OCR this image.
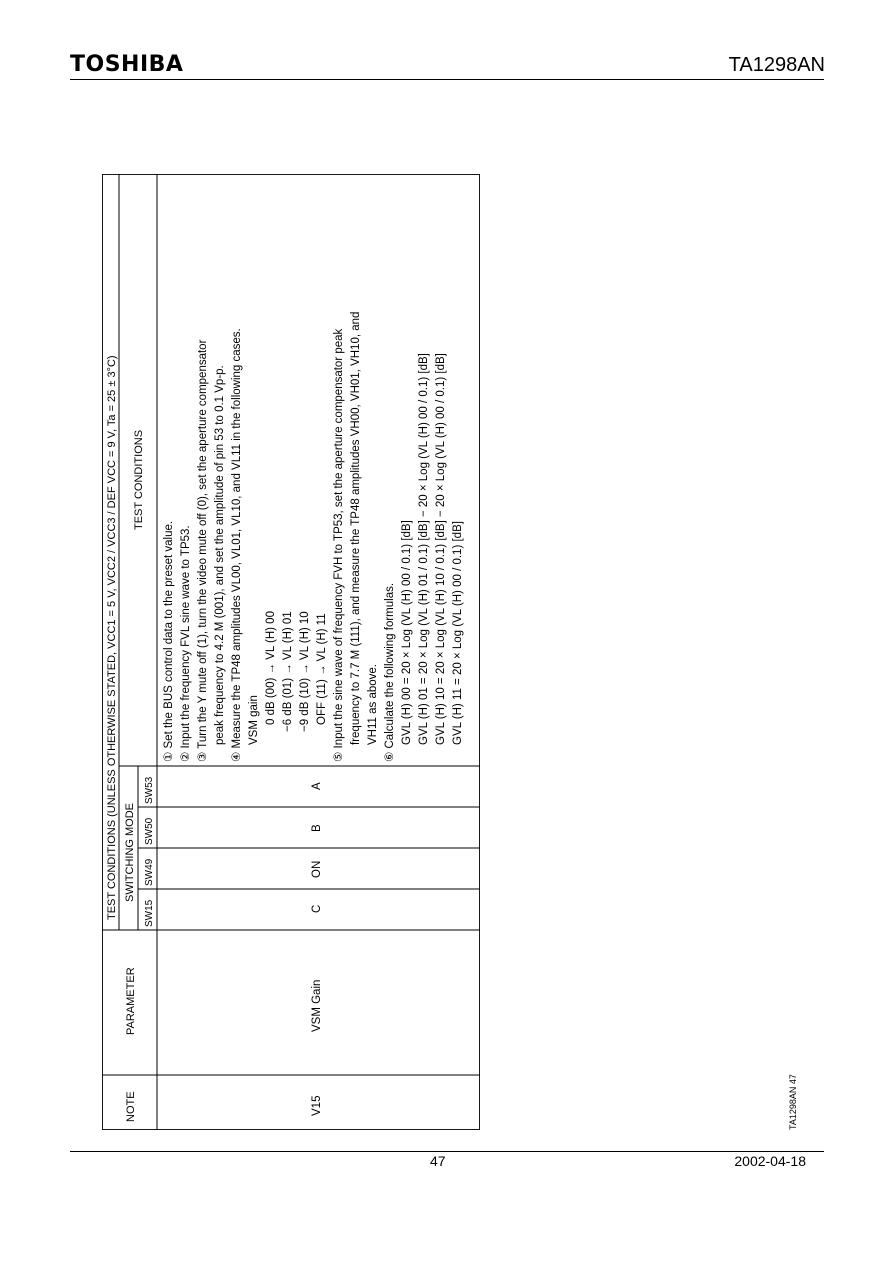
TOSHIBA	TA1298AN
TEST CONDITIONS (UNLESS OTHERWISE STATED, VCC1 = 5 V, VCC2 / VCC3 / DEF VCC = 9 V, Ta = 25 ± 3°C) SWITCHING MODE
TEST CONDITIONS
NOTE
PARAMETER
SW15
SW49
SW50
SW53
V15
VSM Gain
C
ON
B
A
① Set the BUS control data to the preset value. ② Input the frequency FVL sine wave to TP53. ③ Turn the Y mute off (1), turn the video mute off (0), set the aperture compensator peak frequency to 4.2 M (001), and set the amplitude of pin 53 to 0.1 Vp-p. ④ Measure the TP48 amplitudes VL00, VL01, VL10, and VL11 in the following cases. VSM gain 0 dB (00) → VL (H) 00 −6 dB (01) → VL (H) 01 −9 dB (10) → VL (H) 10 OFF (11) → VL (H) 11 ⑤ Input the sine wave of frequency FVH to TP53, set the aperture compensator peak frequency to 7.7 M (111), and measure the TP48 amplitudes VH00, VH01, VH10, and VH11 as above. ⑥ Calculate the following formulas. GVL (H) 00 = 20 × Log (VL (H) 00 / 0.1) [dB] GVL (H) 01 = 20 × Log (VL (H) 01 / 0.1) [dB] − 20 × Log (VL (H) 00 / 0.1) [dB] GVL (H) 10 = 20 × Log (VL (H) 10 / 0.1) [dB] − 20 × Log (VL (H) 00 / 0.1) [dB] GVL (H) 11 = 20 × Log (VL (H) 00 / 0.1) [dB]
TA1298AN 47
47	2002-04-18
